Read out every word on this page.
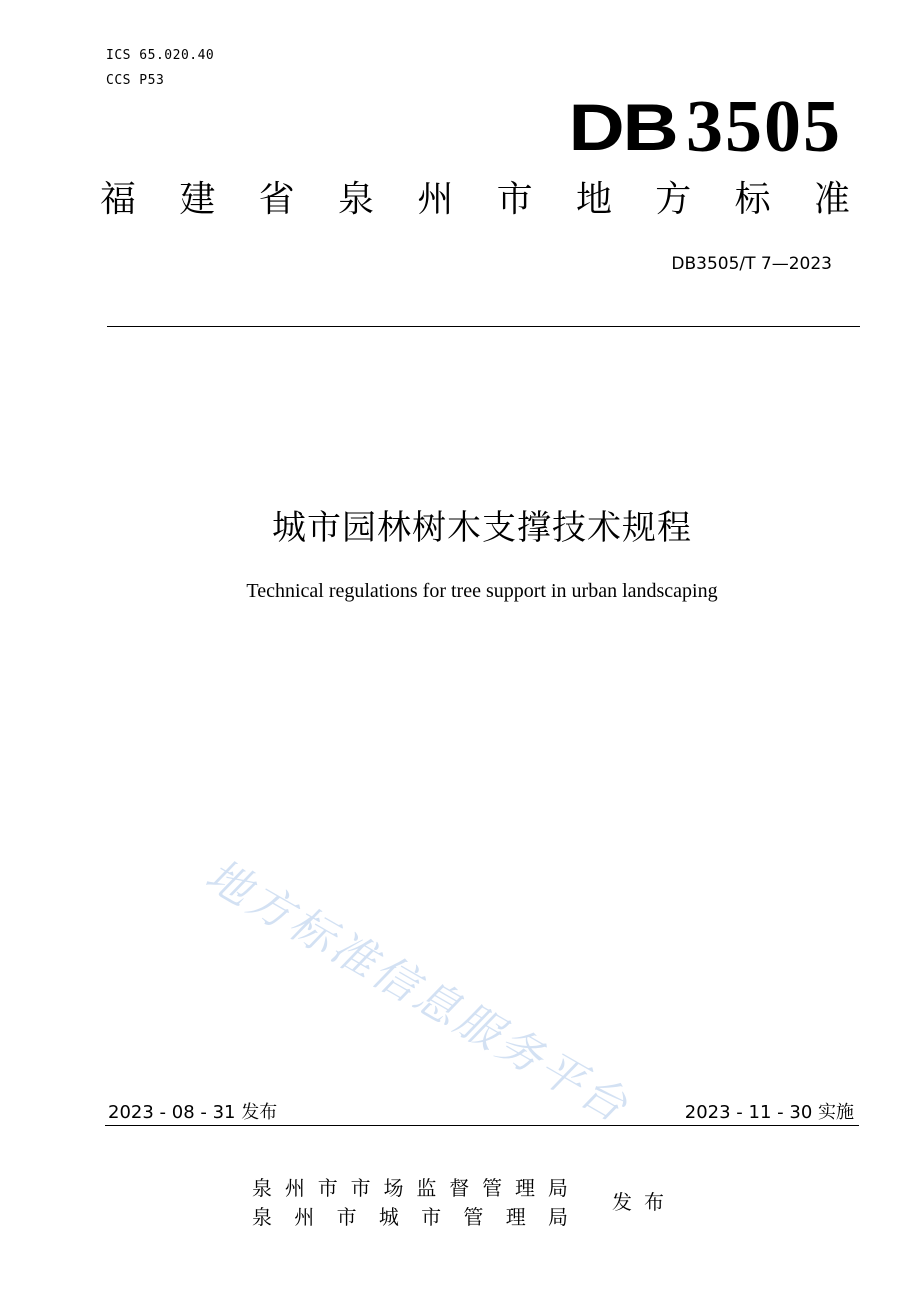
ICS 65.020.40
CCS P53
DB 3505
福 建 省 泉 州 市 地 方 标 准
DB3505/T 7—2023
城市园林树木支撑技术规程
Technical regulations for tree support in urban landscaping
地方标准信息服务平台
2023 - 08 - 31 发布	2023 - 11 - 30 实施
泉 州 市 市 场 监 督 管 理 局
泉 州 市 城 市 管 理 局
发布
